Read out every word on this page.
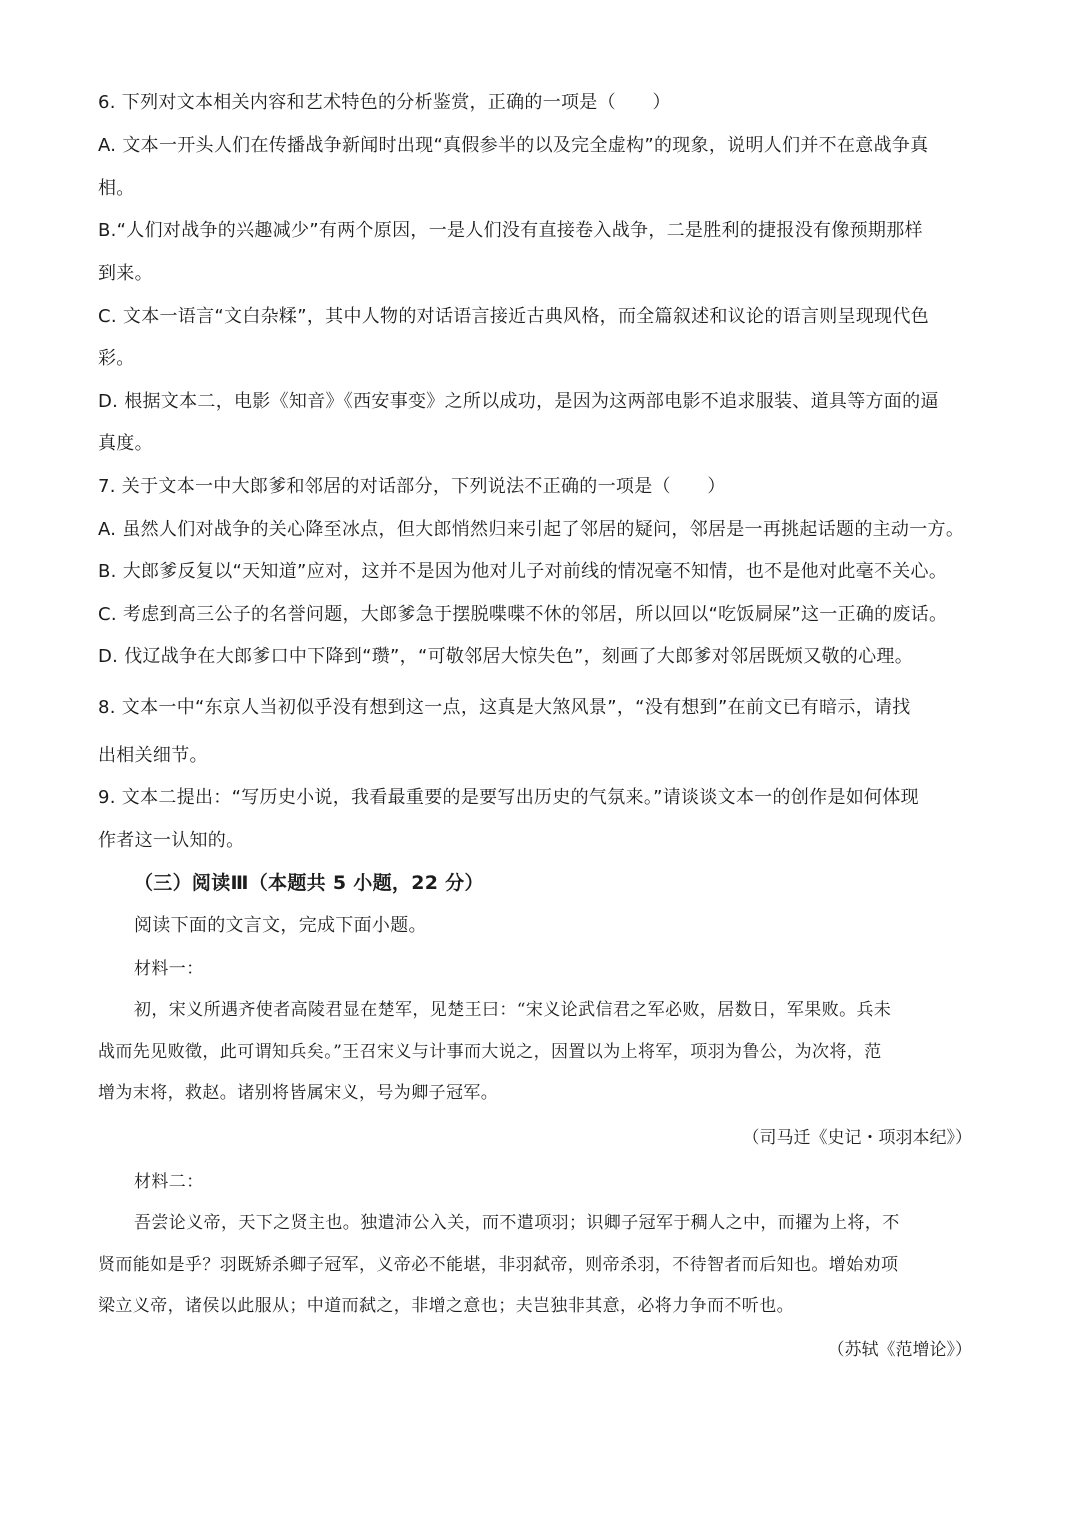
6. 下列对文本相关内容和艺术特色的分析鉴赏，正确的一项是（　　）

A. 文本一开头人们在传播战争新闻时出现“真假参半的以及完全虚构”的现象，说明人们并不在意战争真

相。

B.“人们对战争的兴趣减少”有两个原因，一是人们没有直接卷入战争，二是胜利的捷报没有像预期那样

到来。

C. 文本一语言“文白杂糅”，其中人物的对话语言接近古典风格，而全篇叙述和议论的语言则呈现现代色

彩。

D. 根据文本二，电影《知音》《西安事变》之所以成功，是因为这两部电影不追求服装、道具等方面的逼

真度。

7. 关于文本一中大郎爹和邻居的对话部分，下列说法不正确的一项是（　　）

A. 虽然人们对战争的关心降至冰点，但大郎悄然归来引起了邻居的疑问，邻居是一再挑起话题的主动一方。

B. 大郎爹反复以“天知道”应对，这并不是因为他对儿子对前线的情况毫不知情，也不是他对此毫不关心。

C. 考虑到高三公子的名誉问题，大郎爹急于摆脱喋喋不休的邻居，所以回以“吃饭屙屎”这一正确的废话。

D. 伐辽战争在大郎爹口中下降到“瓒”，“可敬邻居大惊失色”，刻画了大郎爹对邻居既烦又敬的心理。

8. 文本一中“东京人当初似乎没有想到这一点，这真是大煞风景”，“没有想到”在前文已有暗示，请找

出相关细节。

9. 文本二提出：“写历史小说，我看最重要的是要写出历史的气氛来。”请谈谈文本一的创作是如何体现

作者这一认知的。

（三）阅读Ⅲ（本题共 5 小题，22 分）

阅读下面的文言文，完成下面小题。

材料一：

初，宋义所遇齐使者高陵君显在楚军，见楚王曰：“宋义论武信君之军必败，居数日，军果败。兵未

战而先见败徵，此可谓知兵矣。”王召宋义与计事而大说之，因置以为上将军，项羽为鲁公，为次将，范

增为末将，救赵。诸别将皆属宋义，号为卿子冠军。

（司马迁《史记・项羽本纪》）

材料二：

吾尝论义帝，天下之贤主也。独遣沛公入关，而不遣项羽；识卿子冠军于稠人之中，而擢为上将，不

贤而能如是乎？羽既矫杀卿子冠军，义帝必不能堪，非羽弑帝，则帝杀羽，不待智者而后知也。增始劝项

梁立义帝，诸侯以此服从；中道而弑之，非增之意也；夫岂独非其意，必将力争而不听也。

（苏轼《范增论》）
